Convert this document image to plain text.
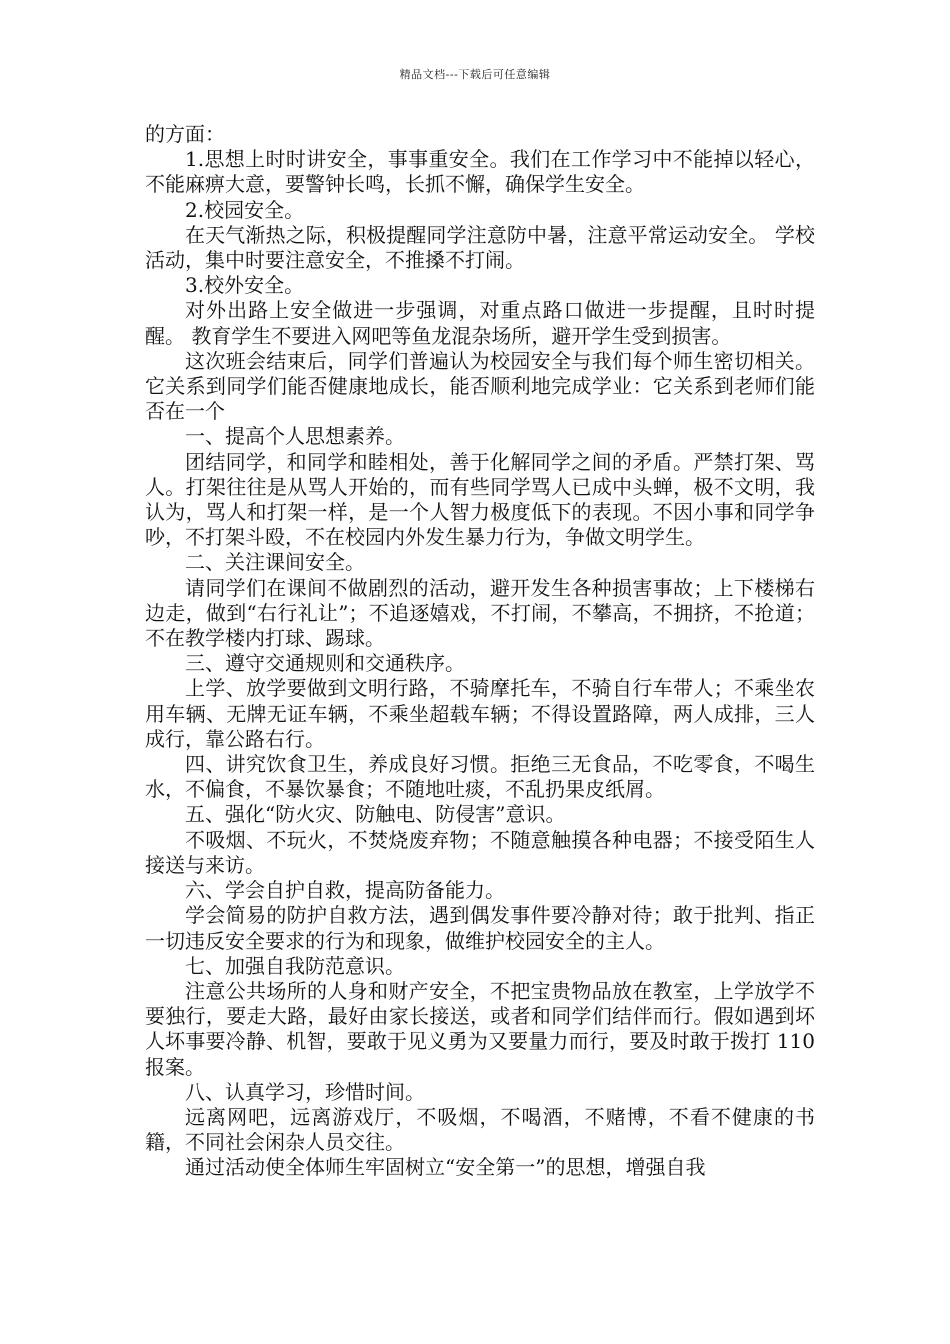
精品文档---下载后可任意编辑

的方面：

1.思想上时时讲安全，事事重安全。我们在工作学习中不能掉以轻心，不能麻痹大意，要警钟长鸣，长抓不懈，确保学生安全。

2.校园安全。

在天气渐热之际，积极提醒同学注意防中暑，注意平常运动安全。 学校活动，集中时要注意安全，不推搡不打闹。

3.校外安全。

对外出路上安全做进一步强调，对重点路口做进一步提醒，且时时提醒。 教育学生不要进入网吧等鱼龙混杂场所，避开学生受到损害。

这次班会结束后，同学们普遍认为校园安全与我们每个师生密切相关。它关系到同学们能否健康地成长，能否顺利地完成学业：它关系到老师们能否在一个

一、提高个人思想素养。

团结同学，和同学和睦相处，善于化解同学之间的矛盾。严禁打架、骂人。打架往往是从骂人开始的，而有些同学骂人已成中头蝉，极不文明，我认为，骂人和打架一样，是一个人智力极度低下的表现。不因小事和同学争吵，不打架斗殴，不在校园内外发生暴力行为，争做文明学生。

二、关注课间安全。

请同学们在课间不做剧烈的活动，避开发生各种损害事故；上下楼梯右边走，做到“右行礼让”；不追逐嬉戏，不打闹，不攀高，不拥挤，不抢道；不在教学楼内打球、踢球。

三、遵守交通规则和交通秩序。

上学、放学要做到文明行路，不骑摩托车，不骑自行车带人；不乘坐农用车辆、无牌无证车辆，不乘坐超载车辆；不得设置路障，两人成排，三人成行，靠公路右行。

四、讲究饮食卫生，养成良好习惯。拒绝三无食品，不吃零食，不喝生水，不偏食，不暴饮暴食；不随地吐痰，不乱扔果皮纸屑。

五、强化“防火灾、防触电、防侵害”意识。

不吸烟、不玩火，不焚烧废弃物；不随意触摸各种电器；不接受陌生人接送与来访。

六、学会自护自救，提高防备能力。

学会简易的防护自救方法，遇到偶发事件要冷静对待；敢于批判、指正一切违反安全要求的行为和现象，做维护校园安全的主人。

七、加强自我防范意识。

注意公共场所的人身和财产安全，不把宝贵物品放在教室，上学放学不要独行，要走大路，最好由家长接送，或者和同学们结伴而行。假如遇到坏人坏事要冷静、机智，要敢于见义勇为又要量力而行，要及时敢于拨打 110 报案。

八、认真学习，珍惜时间。

远离网吧，远离游戏厅，不吸烟，不喝酒，不赌博，不看不健康的书籍，不同社会闲杂人员交往。

通过活动使全体师生牢固树立“安全第一”的思想，增强自我
